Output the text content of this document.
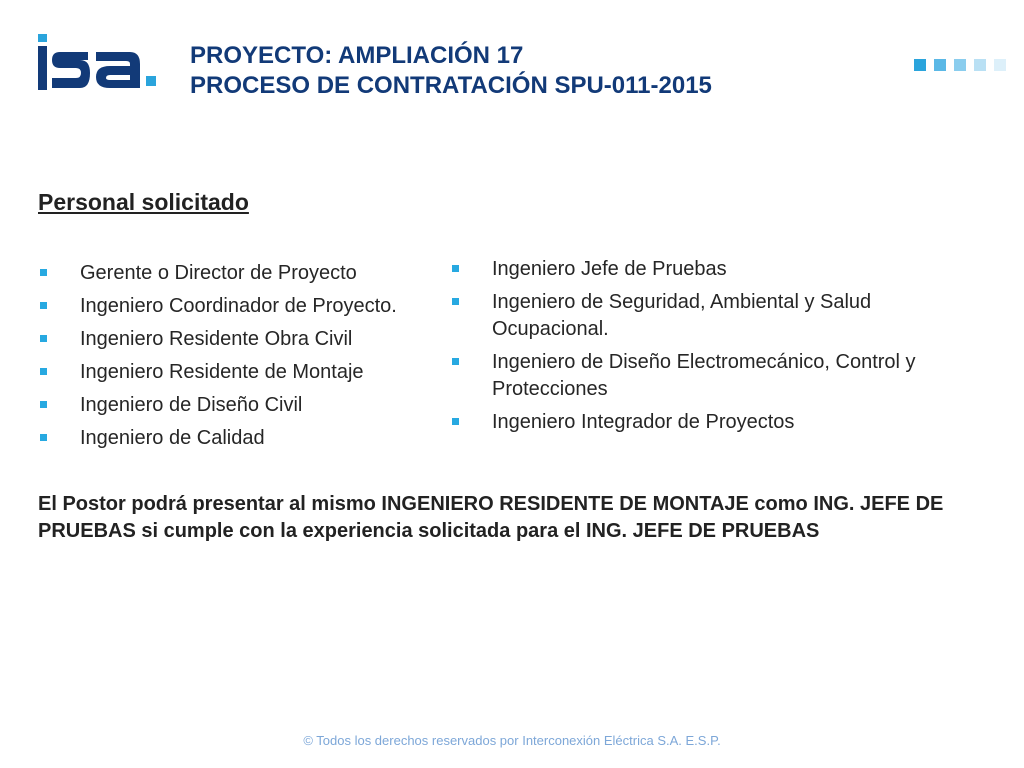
PROYECTO: AMPLIACIÓN 17
PROCESO DE CONTRATACIÓN SPU-011-2015
Personal solicitado
Gerente o Director de Proyecto
Ingeniero Coordinador de Proyecto.
Ingeniero Residente Obra Civil
Ingeniero Residente de Montaje
Ingeniero de Diseño Civil
Ingeniero de Calidad
Ingeniero Jefe de Pruebas
Ingeniero de Seguridad, Ambiental y Salud Ocupacional.
Ingeniero de Diseño Electromecánico, Control y Protecciones
Ingeniero Integrador de Proyectos

El Postor podrá presentar al mismo INGENIERO RESIDENTE DE MONTAJE como ING. JEFE DE PRUEBAS si cumple con la experiencia solicitada para el ING. JEFE DE PRUEBAS

© Todos los derechos reservados por Interconexión Eléctrica S.A. E.S.P.
